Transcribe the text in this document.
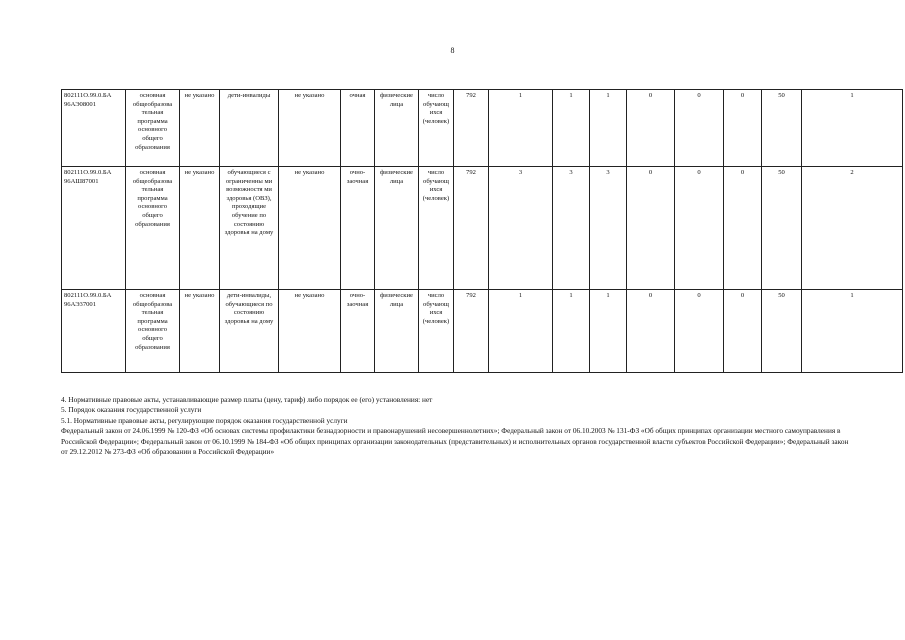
8
802111О.99.0.БА 96АЭ08001	основная общеобразова тельная программа основного общего образования	не указано	дети-инвалиды	не указано	очная	физические лица	число обучающ ихся (человек)	792	1	1	1	0	0	0	50	1
802111О.99.0.БА 96АШ87001	основная общеобразова тельная программа основного общего образования	не указано	обучающиеся с ограниченны ми возможностя ми здоровья (ОВЗ), проходящие обучение по состоянию здоровья на дому	не указано	очно-заочная	физические лица	число обучающ ихся (человек)	792	3	3	3	0	0	0	50	2
802111О.99.0.БА 96АЭ37001	основная общеобразова тельная программа основного общего образования	не указано	дети-инвалиды, обучающиеся по состоянию здоровья на дому	не указано	очно-заочная	физические лица	число обучающ ихся (человек)	792	1	1	1	0	0	0	50	1
4. Нормативные правовые акты, устанавливающие размер платы (цену, тариф) либо порядок ее (его) установления: нет
5. Порядок оказания государственной услуги
5.1. Нормативные правовые акты, регулирующие порядок оказания государственной услуги
Федеральный закон от 24.06.1999 № 120-ФЗ «Об основах системы профилактики безнадзорности и правонарушений несовершеннолетних»; Федеральный закон от 06.10.2003 № 131-ФЗ «Об общих принципах организации местного самоуправления в Российской Федерации»; Федеральный закон от 06.10.1999 № 184-ФЗ «Об общих принципах организации законодательных (представительных) и исполнительных органов государственной власти субъектов Российской Федерации»; Федеральный закон от 29.12.2012 № 273-ФЗ «Об образовании в Российской Федерации»
